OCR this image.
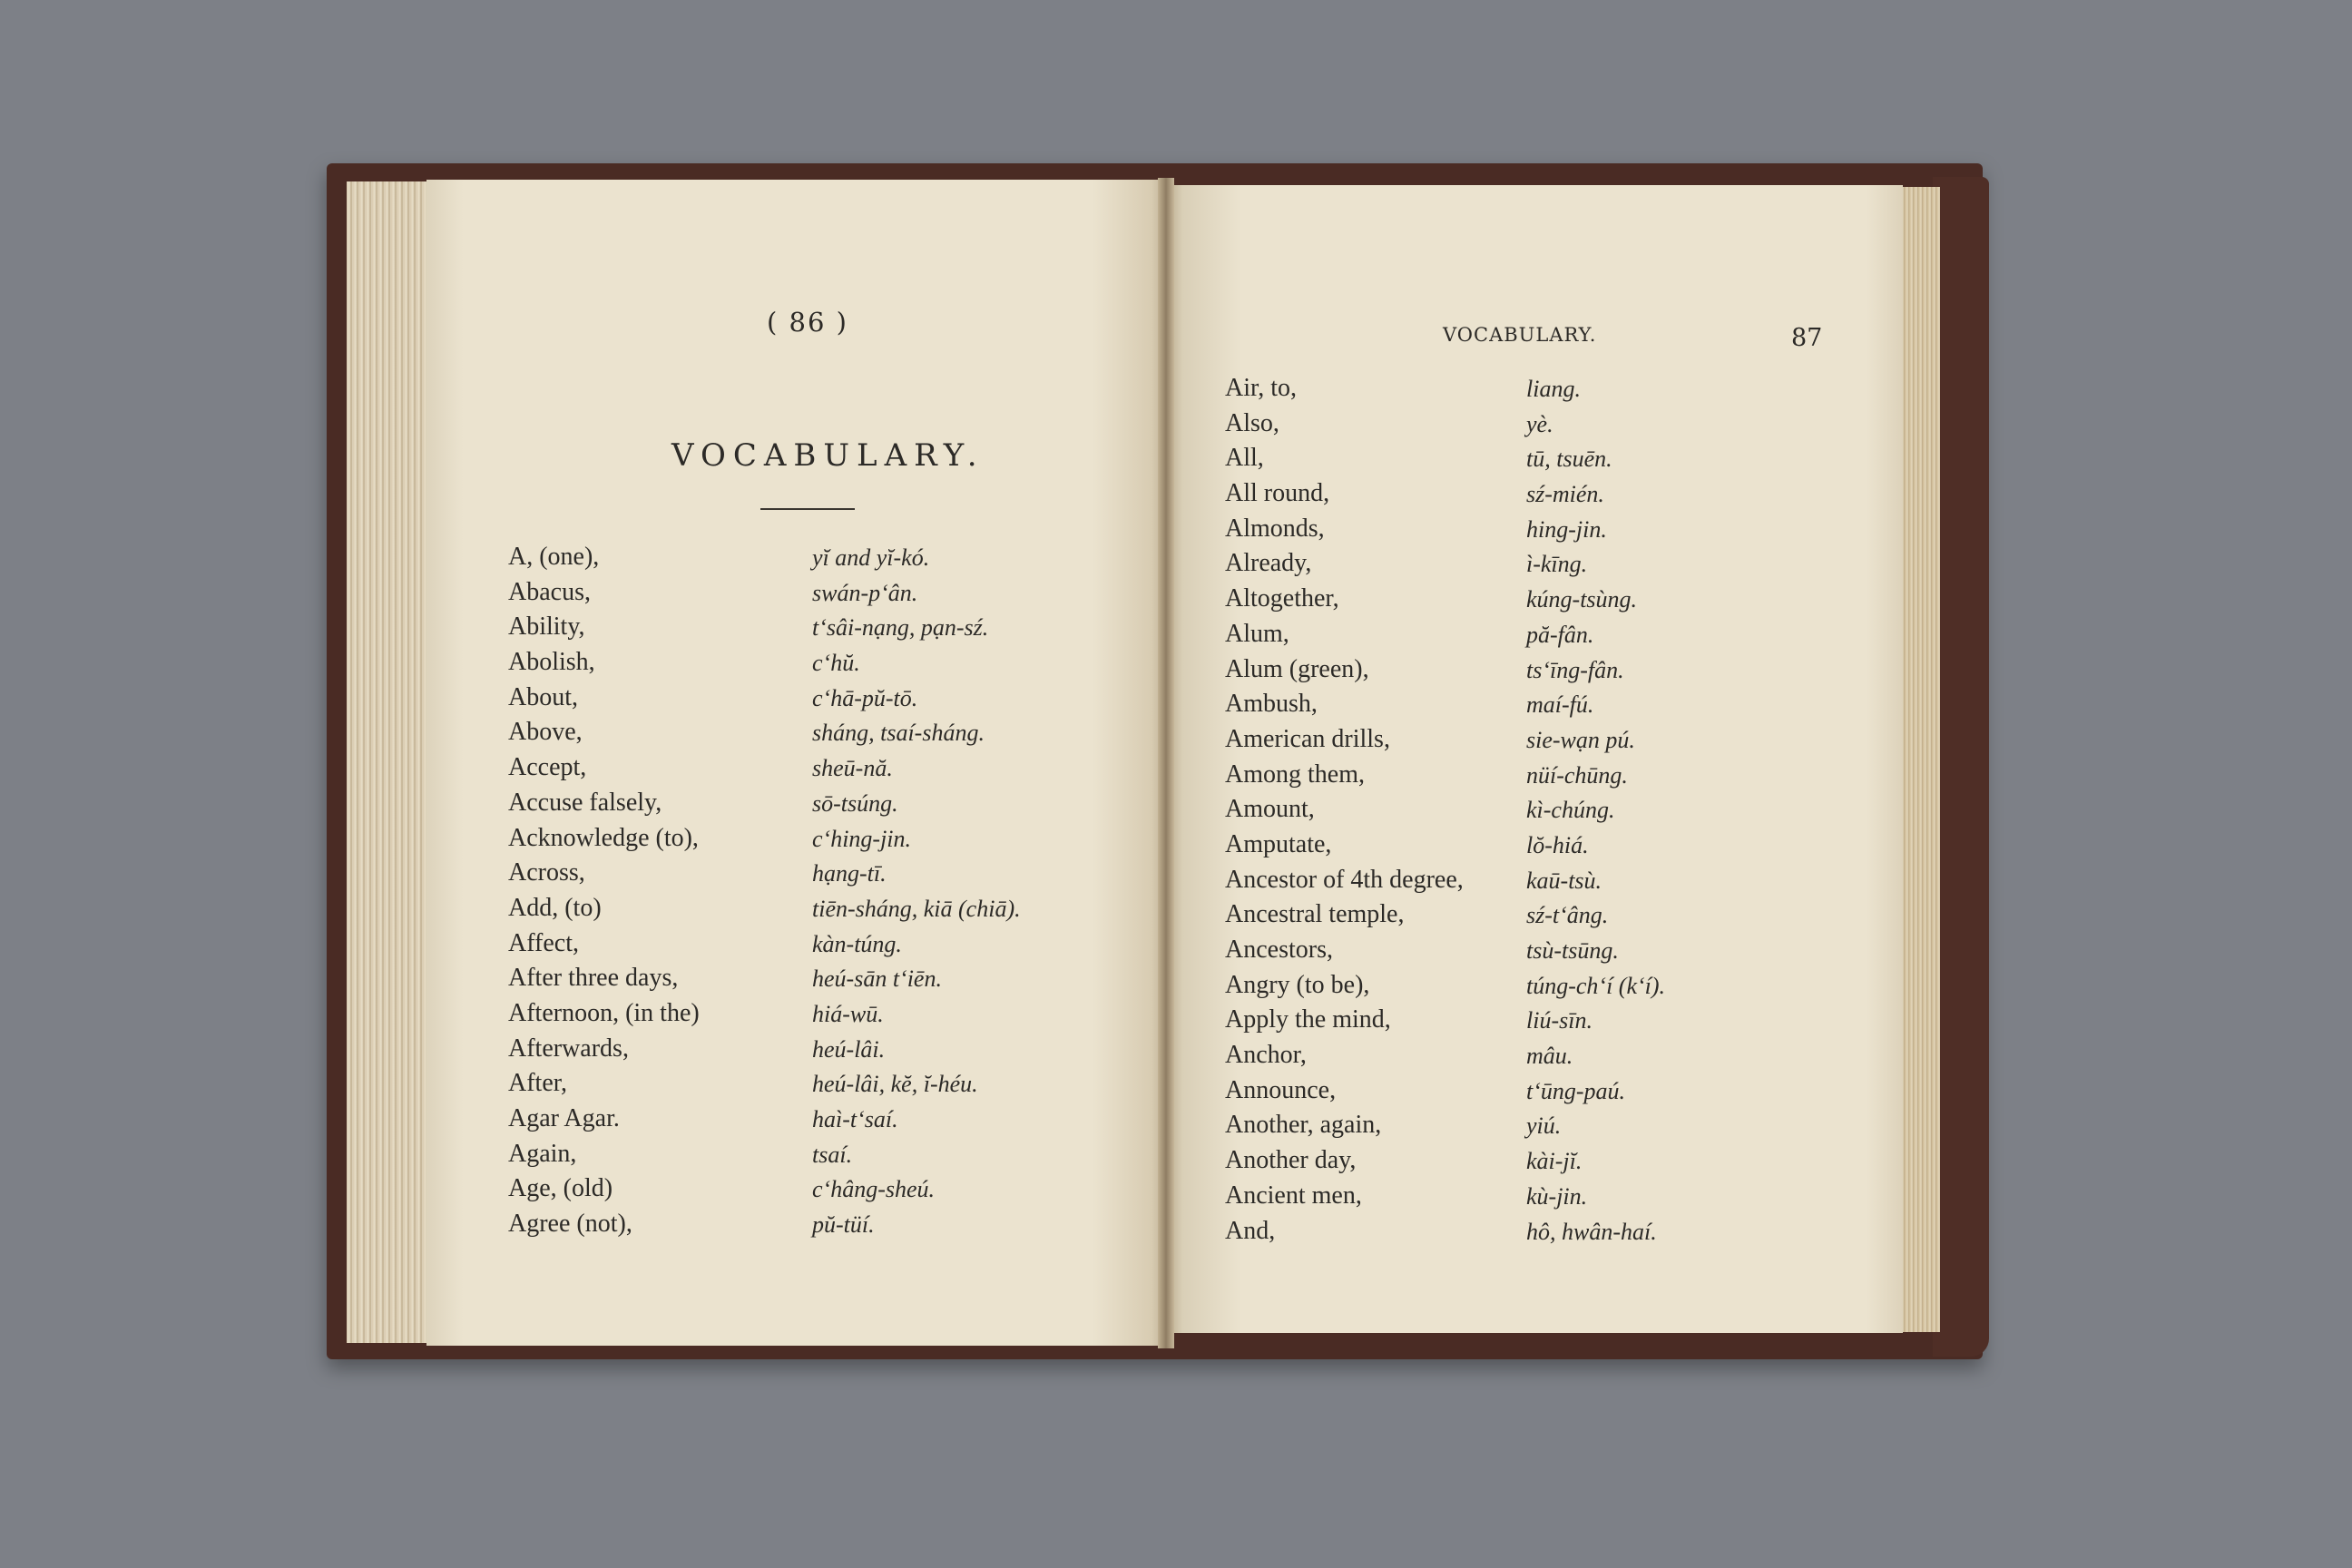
( 86 )
VOCABULARY.
A, (one),	yĭ and yĭ-kó.
Abacus,	swán-p‘ân.
Ability,	t‘sâi-nạng, pạn-sź.
Abolish,	c‘hŭ.
About,	c‘hā-pŭ-tō.
Above,	sháng, tsaí-sháng.
Accept,	sheū-nă.
Accuse falsely,	sō-tsúng.
Acknowledge (to),	c‘hing-jin.
Across,	hạng-tī.
Add, (to)	tiēn-sháng, kiā (chiā).
Affect,	kàn-túng.
After three days,	heú-sān t‘iēn.
Afternoon, (in the)	hiá-wū.
Afterwards,	heú-lâi.
After,	heú-lâi, kĕ, ĭ-héu.
Agar Agar.	haì-t‘saí.
Again,	tsaí.
Age, (old)	c‘hâng-sheú.
Agree (not),	pŭ-tüí.
VOCABULARY.	87
Air, to,	liang.
Also,	yè.
All,	tū, tsuēn.
All round,	sź-mién.
Almonds,	hing-jin.
Already,	ì-kīng.
Altogether,	kúng-tsùng.
Alum,	pă-fân.
Alum (green),	ts‘īng-fân.
Ambush,	maí-fú.
American drills,	sie-wạn pú.
Among them,	nüí-chūng.
Amount,	kì-chúng.
Amputate,	lŏ-hiá.
Ancestor of 4th degree,	kaū-tsù.
Ancestral temple,	sź-t‘âng.
Ancestors,	tsù-tsūng.
Angry (to be),	túng-ch‘í (k‘í).
Apply the mind,	liú-sīn.
Anchor,	mâu.
Announce,	t‘ūng-paú.
Another, again,	yiú.
Another day,	kài-jĭ.
Ancient men,	kù-jin.
And,	hô, hwân-haí.
